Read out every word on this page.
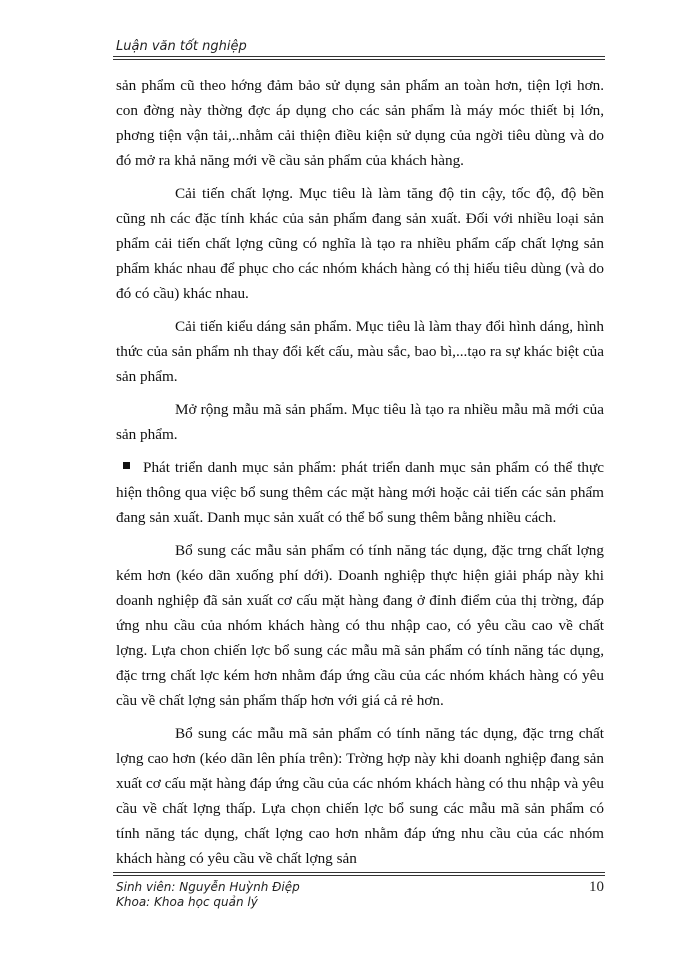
Luận văn tốt nghiệp

sản phẩm cũ theo hớng đảm bảo sử dụng sản phẩm an toàn hơn, tiện lợi hơn. con đờng này thờng đợc áp dụng cho các sản phẩm là máy móc thiết bị lớn, phơng tiện vận tải,..nhằm cải thiện điều kiện sử dụng của ngời tiêu dùng và do đó mở ra khả năng mới về cầu sản phẩm của khách hàng.

Cải tiến chất lợng. Mục tiêu là làm tăng độ tin cậy, tốc độ, độ bền cũng nh các đặc tính khác của sản phẩm đang sản xuất. Đối với nhiều loại sản phẩm cải tiến chất lợng cũng có nghĩa là tạo ra nhiều phẩm cấp chất lợng sản phẩm khác nhau để phục cho các nhóm khách hàng có thị hiếu tiêu dùng (và do đó có cầu) khác nhau.

Cải tiến kiểu dáng sản phẩm. Mục tiêu là làm thay đổi hình dáng, hình thức của sản phẩm nh thay đổi kết cấu, màu sắc, bao bì,...tạo ra sự khác biệt của sản phẩm.

Mở rộng mẫu mã sản phẩm. Mục tiêu là tạo ra nhiều mẫu mã mới của sản phẩm.

Phát triển danh mục sản phẩm: phát triển danh mục sản phẩm có thể thực hiện thông qua việc bổ sung thêm các mặt hàng mới hoặc cải tiến các sản phẩm đang sản xuất. Danh mục sản xuất có thể bổ sung thêm bằng nhiều cách.

Bổ sung các mẫu sản phẩm có tính năng tác dụng, đặc trng chất lợng kém hơn (kéo dãn xuống phí dới). Doanh nghiệp thực hiện giải pháp này khi doanh nghiệp đã sản xuất cơ cấu mặt hàng đang ở đỉnh điểm của thị trờng, đáp ứng nhu cầu của nhóm khách hàng có thu nhập cao, có yêu cầu cao về chất lợng. Lựa chon chiến lợc bổ sung các mẫu mã sản phẩm có tính năng tác dụng, đặc trng chất lợc kém hơn nhằm đáp ứng cầu của các nhóm khách hàng có yêu cầu về chất lợng sản phẩm thấp hơn với giá cả rẻ hơn.

Bổ sung các mẫu mã sản phẩm có tính năng tác dụng, đặc trng chất lợng cao hơn (kéo dãn lên phía trên): Trờng hợp này khi doanh nghiệp đang sản xuất cơ cấu mặt hàng đáp ứng cầu của các nhóm khách hàng có thu nhập và yêu cầu về chất lợng thấp. Lựa chọn chiến lợc bổ sung các mẫu mã sản phẩm có tính năng tác dụng, chất lợng cao hơn nhằm đáp ứng nhu cầu của các nhóm khách hàng có yêu cầu về chất lợng sản

Sinh viên: Nguyễn Huỳnh Điệp
Khoa: Khoa học quản lý
10
